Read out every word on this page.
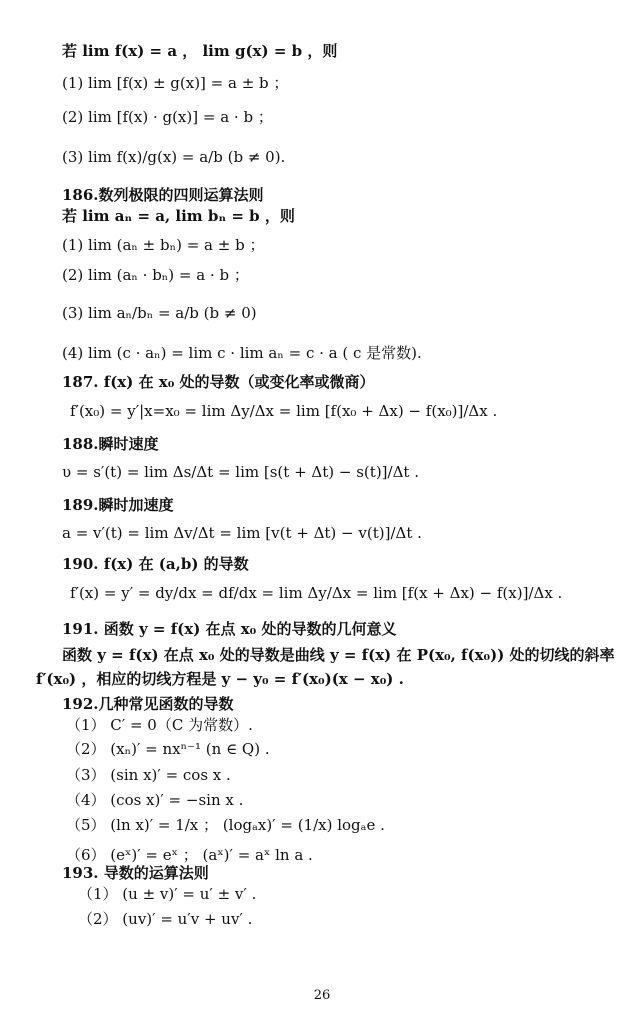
若 lim f(x) = a ， lim g(x) = b ，则
(1) lim [f(x) ± g(x)] = a ± b ；
(2) lim [f(x) · g(x)] = a · b ；
(3) lim f(x)/g(x) = a/b (b ≠ 0).
186.数列极限的四则运算法则
若 lim aₙ = a, lim bₙ = b ，则
(1) lim (aₙ ± bₙ) = a ± b ；
(2) lim (aₙ · bₙ) = a · b ；
(3) lim aₙ/bₙ = a/b (b ≠ 0)
(4) lim (c · aₙ) = lim c · lim aₙ = c · a ( c 是常数).
187. f(x) 在 x₀ 处的导数（或变化率或微商）
f′(x₀) = y′|x=x₀ = lim Δy/Δx = lim [f(x₀ + Δx) − f(x₀)]/Δx .
188.瞬时速度
υ = s′(t) = lim Δs/Δt = lim [s(t + Δt) − s(t)]/Δt .
189.瞬时加速度
a = v′(t) = lim Δv/Δt = lim [v(t + Δt) − v(t)]/Δt .
190. f(x) 在 (a,b) 的导数
f′(x) = y′ = dy/dx = df/dx = lim Δy/Δx = lim [f(x + Δx) − f(x)]/Δx .
191. 函数 y = f(x) 在点 x₀ 处的导数的几何意义
函数 y = f(x) 在点 x₀ 处的导数是曲线 y = f(x) 在 P(x₀, f(x₀)) 处的切线的斜率
f′(x₀) ，相应的切线方程是 y − y₀ = f′(x₀)(x − x₀) .
192.几种常见函数的导数
（1） C′ = 0（C 为常数）.
（2） (xₙ)′ = nxⁿ⁻¹ (n ∈ Q) .
（3） (sin x)′ = cos x .
（4） (cos x)′ = −sin x .
（5） (ln x)′ = 1/x ； (logₐx)′ = (1/x) logₐe .
（6） (eˣ)′ = eˣ ； (aˣ)′ = aˣ ln a .
193. 导数的运算法则
（1） (u ± v)′ = u′ ± v′ .
（2） (uv)′ = u′v + uv′ .
26
